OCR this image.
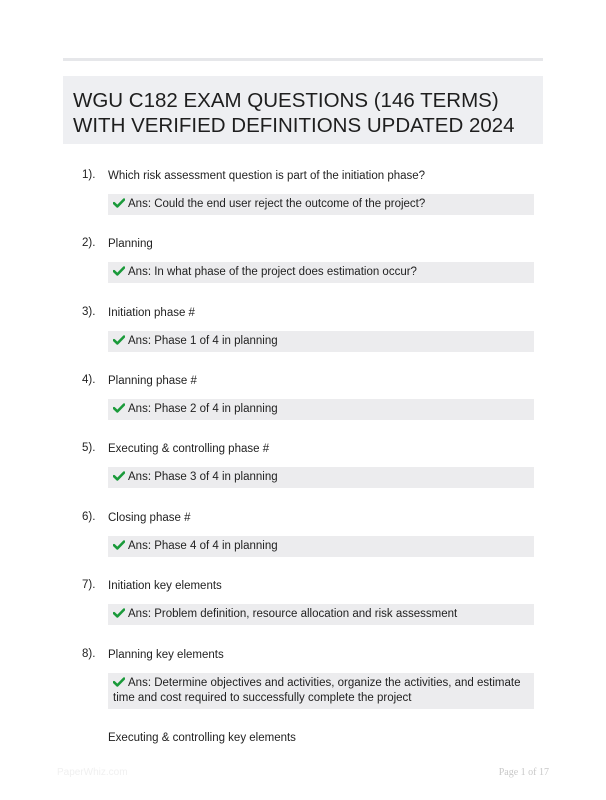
WGU C182 EXAM QUESTIONS (146 TERMS)
WITH VERIFIED DEFINITIONS UPDATED 2024
1). Which risk assessment question is part of the initiation phase?
Ans: Could the end user reject the outcome of the project?
2). Planning
Ans: In what phase of the project does estimation occur?
3). Initiation phase #
Ans: Phase 1 of 4 in planning
4). Planning phase #
Ans: Phase 2 of 4 in planning
5). Executing & controlling phase #
Ans: Phase 3 of 4 in planning
6). Closing phase #
Ans: Phase 4 of 4 in planning
7). Initiation key elements
Ans: Problem definition, resource allocation and risk assessment
8). Planning key elements
Ans: Determine objectives and activities, organize the activities, and estimate time and cost required to successfully complete the project
Executing & controlling key elements
PaperWhiz.com	Page 1 of 17
